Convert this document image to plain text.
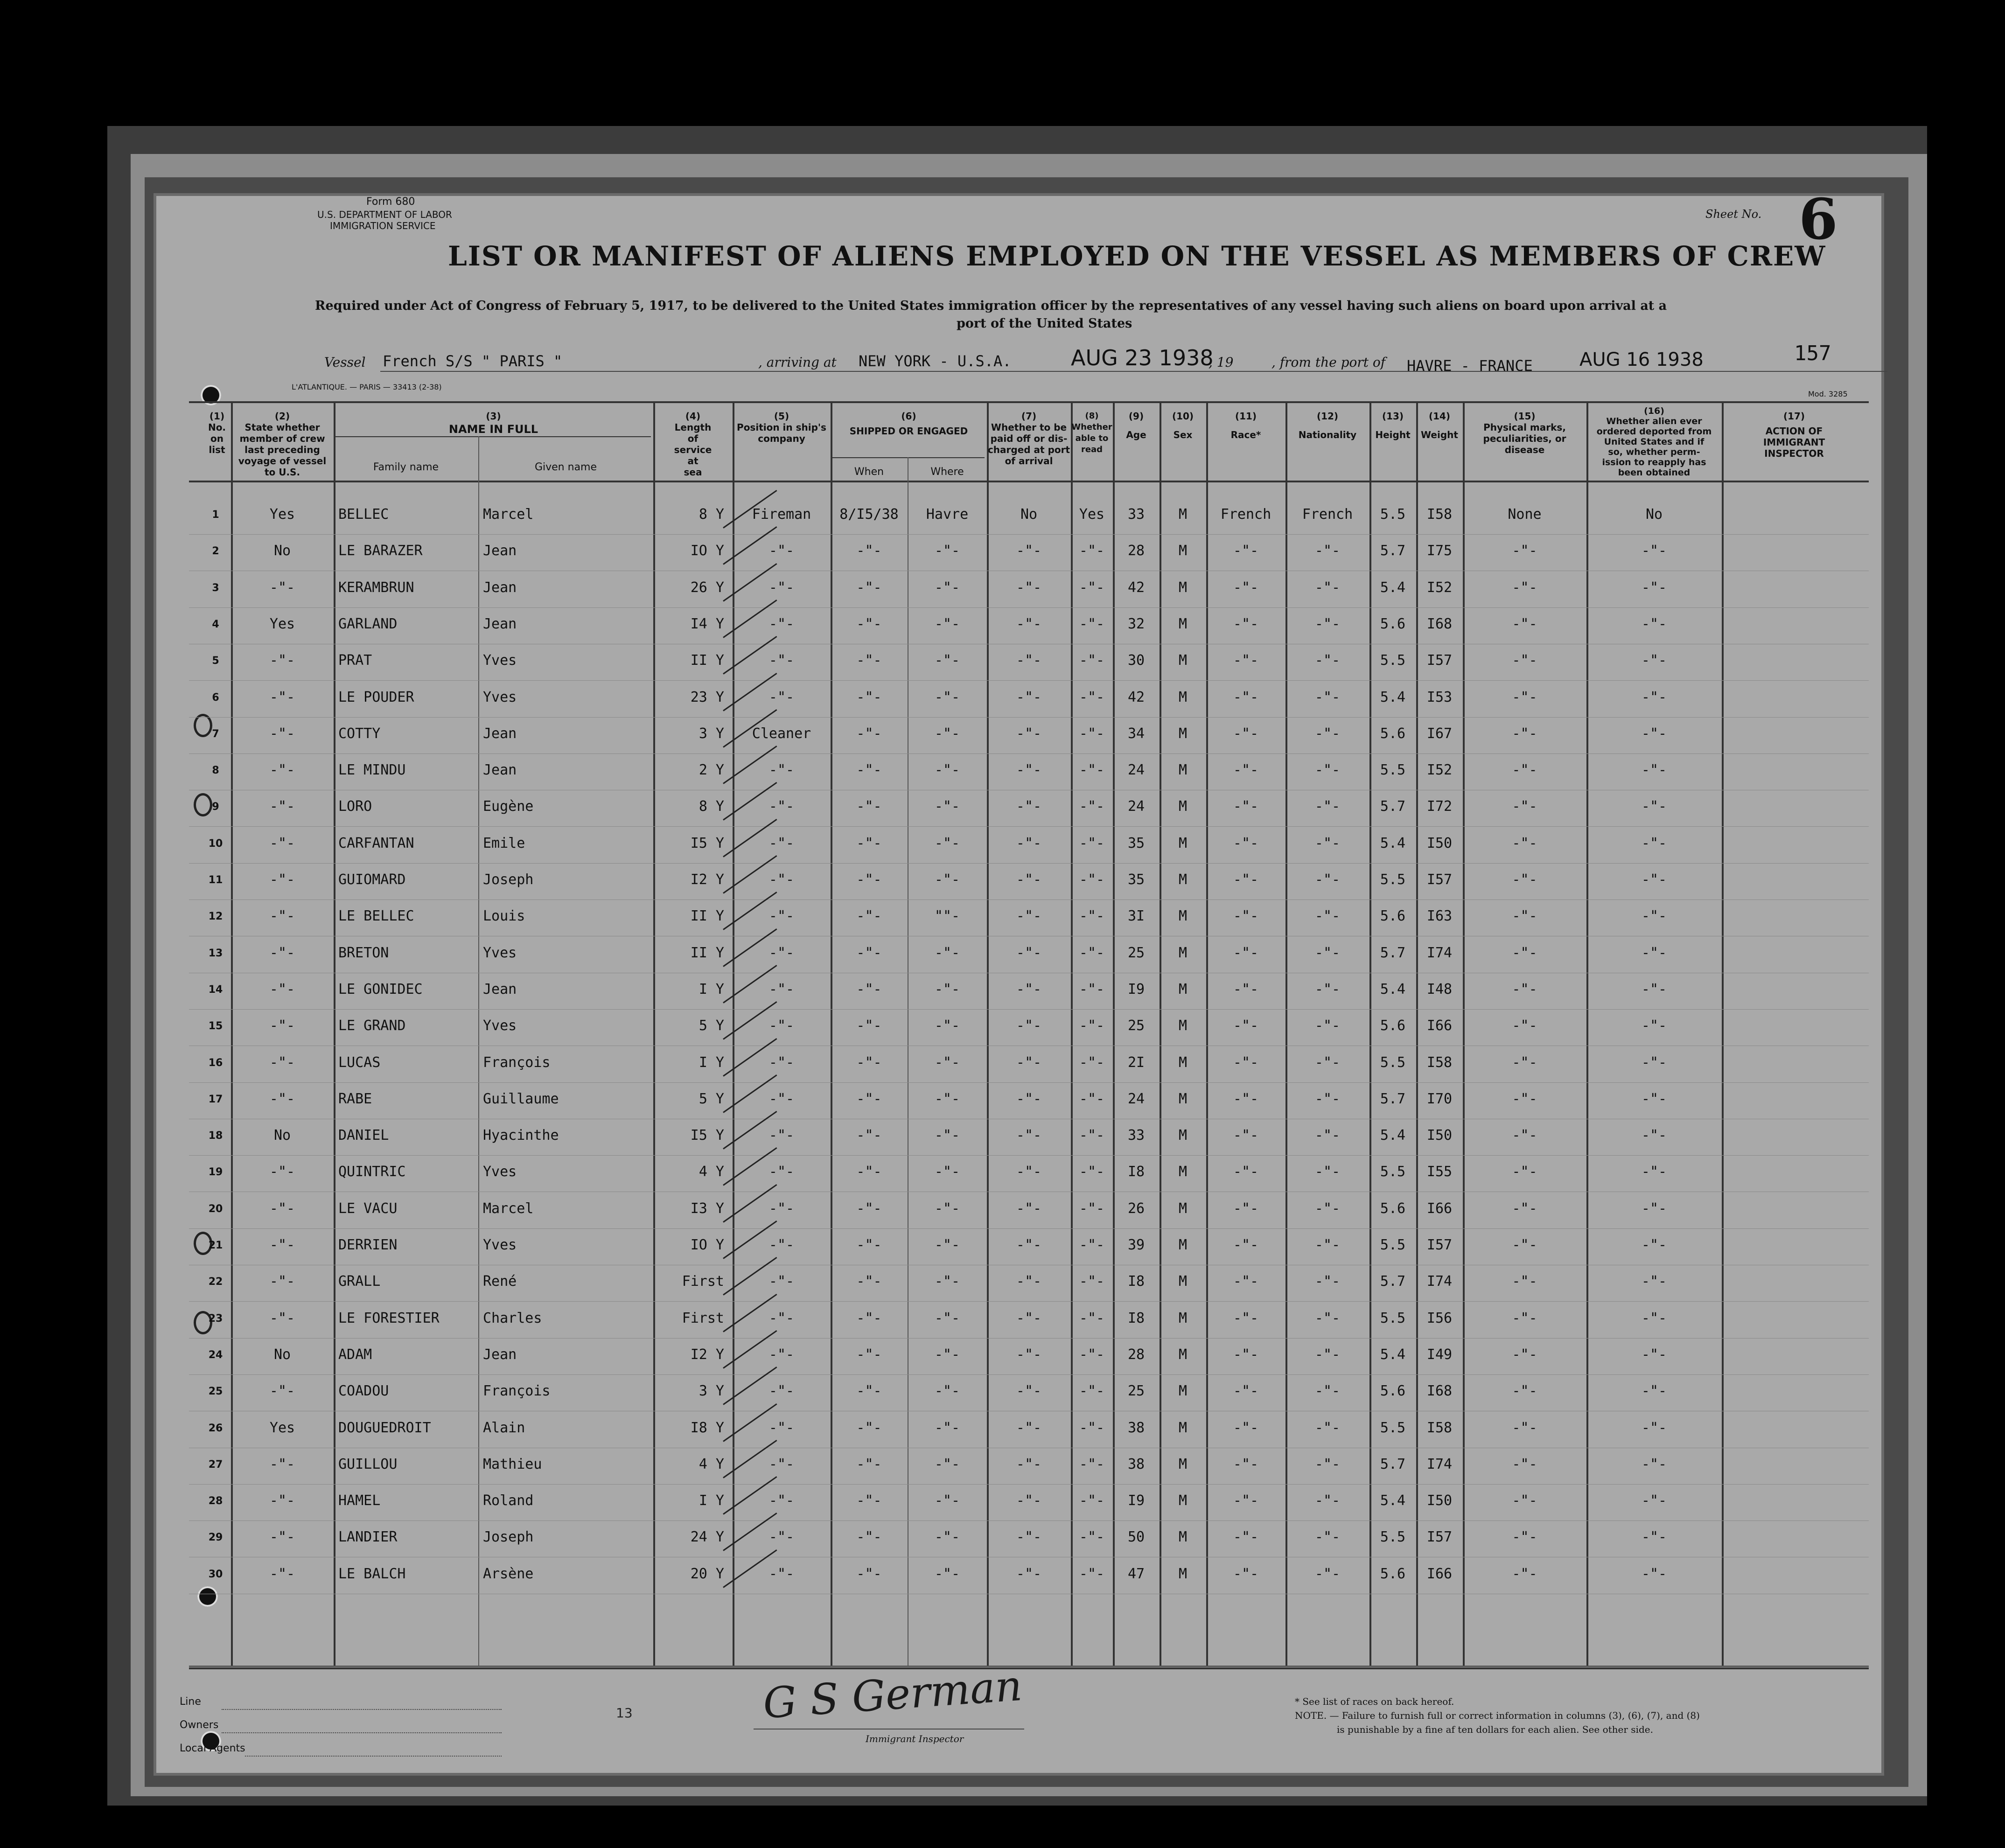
Form 680
U.S. DEPARTMENT OF LABOR
IMMIGRATION SERVICE
LIST OR MANIFEST OF ALIENS EMPLOYED ON THE VESSEL AS MEMBERS OF CREW
Sheet No. 6
Required under Act of Congress of February 5, 1917, to be delivered to the United States immigration officer by the representatives of any vessel having such aliens on board upon arrival at a
port of the United States
157
Vessel French S/S " PARIS "	, arriving at NEW YORK - U.S.A.	AUG 23 1938
, 19	, from the port of HAVRE - FRANCE	AUG 16 1938
L'ATLANTIQUE. — PARIS — 33413 (2-38)
Mod. 3285
(1)
No.
on
list
(2)
State whether
member of crew
last preceding
voyage of vessel
to U.S.
(3)
NAME IN FULL
Family name	Given name
(4)
Length
of
service
at
sea
(5)
Position in ship's
company
(6)
SHIPPED OR ENGAGED
When	Where
(7)
Whether to be
paid off or dis-
charged at port
of arrival
(8)
Whether
able to
read
(9)
Age
(10)
Sex
(11)
Race*
(12)
Nationality
(13)
Height
(14)
Weight
(15)
Physical marks,
peculiarities, or
disease
(16)
Whether alien ever
ordered deported from
United States and if
so, whether perm-
ission to reapply has
been obtained
(17)
ACTION OF
IMMIGRANT
INSPECTOR
1	Yes	BELLEC	Marcel	8 Y	Fireman	8/I5/38	Havre	No	Yes	33	M	French	French	5.5	I58	None	No
2	No	LE BARAZER	Jean	IO Y	-"-	-"-	-"-	-"-	-"-	28	M	-"-	-"-	5.7	I75	-"-	-"-
3	-"-	KERAMBRUN	Jean	26 Y	-"-	-"-	-"-	-"-	-"-	42	M	-"-	-"-	5.4	I52	-"-	-"-
4	Yes	GARLAND	Jean	I4 Y	-"-	-"-	-"-	-"-	-"-	32	M	-"-	-"-	5.6	I68	-"-	-"-
5	-"-	PRAT	Yves	II Y	-"-	-"-	-"-	-"-	-"-	30	M	-"-	-"-	5.5	I57	-"-	-"-
6	-"-	LE POUDER	Yves	23 Y	-"-	-"-	-"-	-"-	-"-	42	M	-"-	-"-	5.4	I53	-"-	-"-
7	-"-	COTTY	Jean	3 Y	Cleaner	-"-	-"-	-"-	-"-	34	M	-"-	-"-	5.6	I67	-"-	-"-
8	-"-	LE MINDU	Jean	2 Y	-"-	-"-	-"-	-"-	-"-	24	M	-"-	-"-	5.5	I52	-"-	-"-
9	-"-	LORO	Eugène	8 Y	-"-	-"-	-"-	-"-	-"-	24	M	-"-	-"-	5.7	I72	-"-	-"-
10	-"-	CARFANTAN	Emile	I5 Y	-"-	-"-	-"-	-"-	-"-	35	M	-"-	-"-	5.4	I50	-"-	-"-
11	-"-	GUIOMARD	Joseph	I2 Y	-"-	-"-	-"-	-"-	-"-	35	M	-"-	-"-	5.5	I57	-"-	-"-
12	-"-	LE BELLEC	Louis	II Y	-"-	-"-	""-	-"-	-"-	3I	M	-"-	-"-	5.6	I63	-"-	-"-
13	-"-	BRETON	Yves	II Y	-"-	-"-	-"-	-"-	-"-	25	M	-"-	-"-	5.7	I74	-"-	-"-
14	-"-	LE GONIDEC	Jean	I Y	-"-	-"-	-"-	-"-	-"-	I9	M	-"-	-"-	5.4	I48	-"-	-"-
15	-"-	LE GRAND	Yves	5 Y	-"-	-"-	-"-	-"-	-"-	25	M	-"-	-"-	5.6	I66	-"-	-"-
16	-"-	LUCAS	François	I Y	-"-	-"-	-"-	-"-	-"-	2I	M	-"-	-"-	5.5	I58	-"-	-"-
17	-"-	RABE	Guillaume	5 Y	-"-	-"-	-"-	-"-	-"-	24	M	-"-	-"-	5.7	I70	-"-	-"-
18	No	DANIEL	Hyacinthe	I5 Y	-"-	-"-	-"-	-"-	-"-	33	M	-"-	-"-	5.4	I50	-"-	-"-
19	-"-	QUINTRIC	Yves	4 Y	-"-	-"-	-"-	-"-	-"-	I8	M	-"-	-"-	5.5	I55	-"-	-"-
20	-"-	LE VACU	Marcel	I3 Y	-"-	-"-	-"-	-"-	-"-	26	M	-"-	-"-	5.6	I66	-"-	-"-
21	-"-	DERRIEN	Yves	IO Y	-"-	-"-	-"-	-"-	-"-	39	M	-"-	-"-	5.5	I57	-"-	-"-
22	-"-	GRALL	René	First	-"-	-"-	-"-	-"-	-"-	I8	M	-"-	-"-	5.7	I74	-"-	-"-
23	-"-	LE FORESTIER	Charles	First	-"-	-"-	-"-	-"-	-"-	I8	M	-"-	-"-	5.5	I56	-"-	-"-
24	No	ADAM	Jean	I2 Y	-"-	-"-	-"-	-"-	-"-	28	M	-"-	-"-	5.4	I49	-"-	-"-
25	-"-	COADOU	François	3 Y	-"-	-"-	-"-	-"-	-"-	25	M	-"-	-"-	5.6	I68	-"-	-"-
26	Yes	DOUGUEDROIT	Alain	I8 Y	-"-	-"-	-"-	-"-	-"-	38	M	-"-	-"-	5.5	I58	-"-	-"-
27	-"-	GUILLOU	Mathieu	4 Y	-"-	-"-	-"-	-"-	-"-	38	M	-"-	-"-	5.7	I74	-"-	-"-
28	-"-	HAMEL	Roland	I Y	-"-	-"-	-"-	-"-	-"-	I9	M	-"-	-"-	5.4	I50	-"-	-"-
29	-"-	LANDIER	Joseph	24 Y	-"-	-"-	-"-	-"-	-"-	50	M	-"-	-"-	5.5	I57	-"-	-"-
30	-"-	LE BALCH	Arsène	20 Y	-"-	-"-	-"-	-"-	-"-	47	M	-"-	-"-	5.6	I66	-"-	-"-
Line
Owners
Local Agents
13	G S German
Immigrant Inspector
* See list of races on back hereof.
NOTE. — Failure to furnish full or correct information in columns (3), (6), (7), and (8)
is punishable by a fine af ten dollars for each alien. See other side.
